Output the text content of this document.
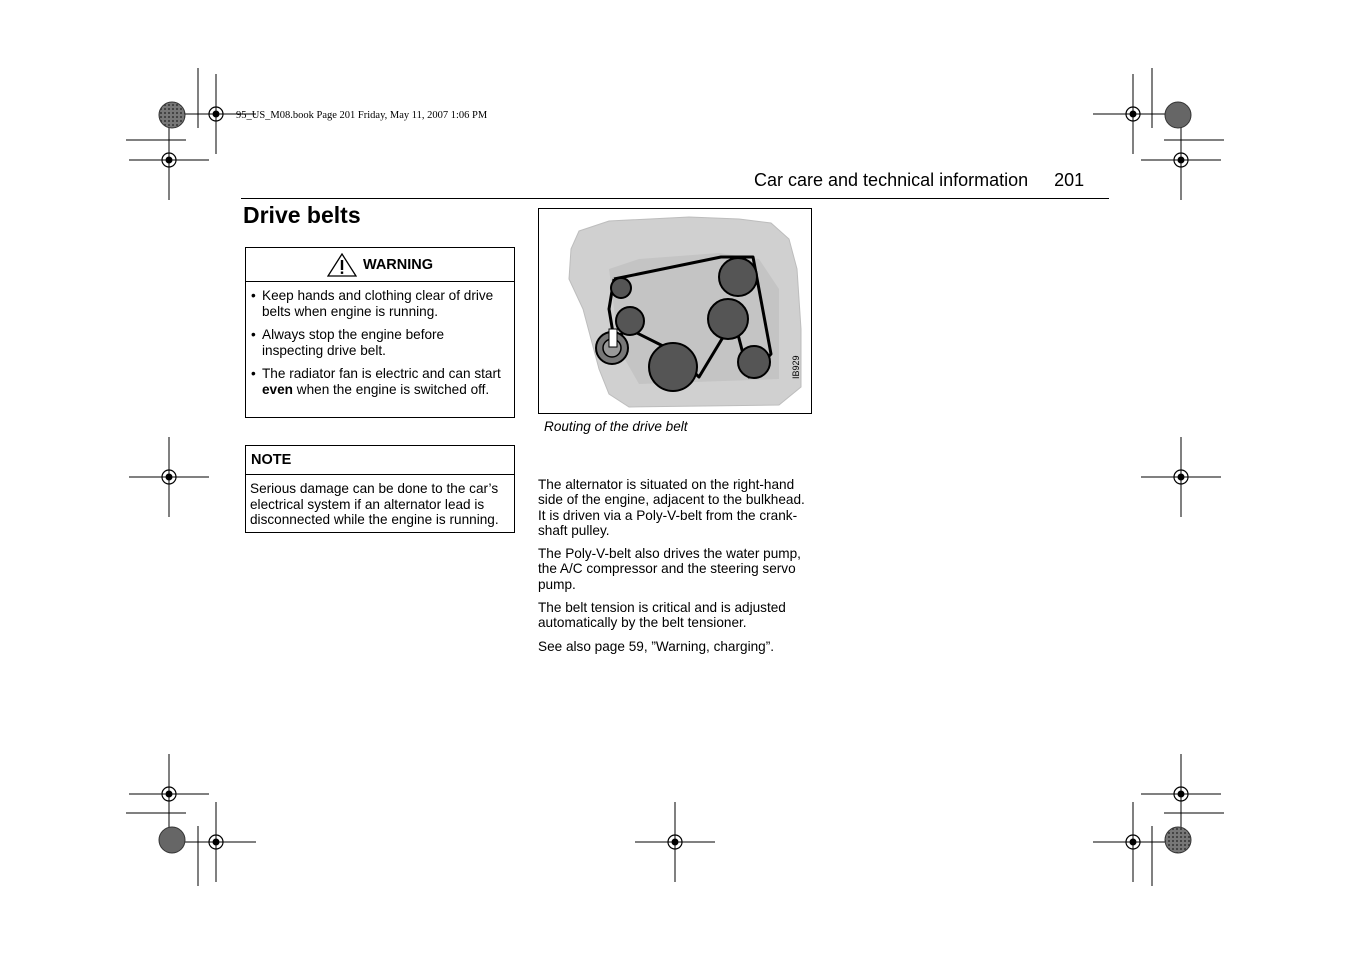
95_US_M08.book Page 201 Friday, May 11, 2007 1:06 PM
Car care and technical information 201
Drive belts
WARNING
• Keep hands and clothing clear of drive belts when engine is running.
• Always stop the engine before inspecting drive belt.
• The radiator fan is electric and can start even when the engine is switched off.
NOTE
Serious damage can be done to the car’s electrical system if an alternator lead is disconnected while the engine is running.
IB929
Routing of the drive belt

The alternator is situated on the right-hand side of the engine, adjacent to the bulkhead. It is driven via a Poly-V-belt from the crank-shaft pulley.

The Poly-V-belt also drives the water pump, the A/C compressor and the steering servo pump.

The belt tension is critical and is adjusted automatically by the belt tensioner.

See also page 59, ”Warning, charging”.
